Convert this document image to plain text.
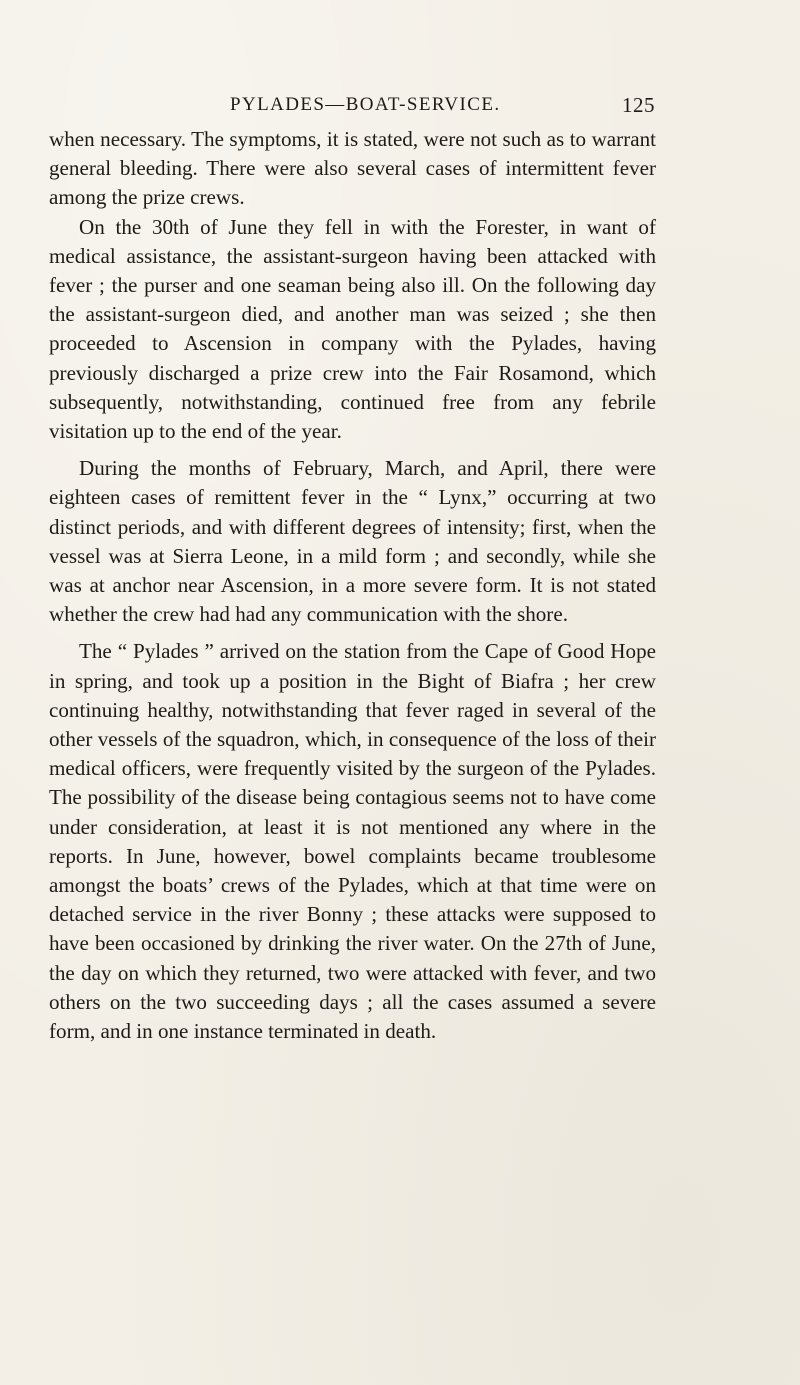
PYLADES—BOAT-SERVICE.	125

when necessary. The symptoms, it is stated, were not such as to warrant general bleeding. There were also several cases of intermittent fever among the prize crews.

On the 30th of June they fell in with the Forester, in want of medical assistance, the assistant-surgeon having been attacked with fever ; the purser and one seaman being also ill. On the following day the assistant-surgeon died, and another man was seized ; she then proceeded to Ascension in company with the Pylades, having previously discharged a prize crew into the Fair Rosamond, which subsequently, notwithstanding, continued free from any febrile visitation up to the end of the year.

During the months of February, March, and April, there were eighteen cases of remittent fever in the “ Lynx,” occurring at two distinct periods, and with different degrees of intensity; first, when the vessel was at Sierra Leone, in a mild form ; and secondly, while she was at anchor near Ascension, in a more severe form. It is not stated whether the crew had had any communication with the shore.

The “ Pylades ” arrived on the station from the Cape of Good Hope in spring, and took up a position in the Bight of Biafra ; her crew continuing healthy, notwithstanding that fever raged in several of the other vessels of the squadron, which, in consequence of the loss of their medical officers, were frequently visited by the surgeon of the Pylades. The possibility of the disease being contagious seems not to have come under consideration, at least it is not mentioned any where in the reports. In June, however, bowel complaints became troublesome amongst the boats’ crews of the Pylades, which at that time were on detached service in the river Bonny ; these attacks were supposed to have been occasioned by drinking the river water. On the 27th of June, the day on which they returned, two were attacked with fever, and two others on the two succeeding days ; all the cases assumed a severe form, and in one instance terminated in death.
